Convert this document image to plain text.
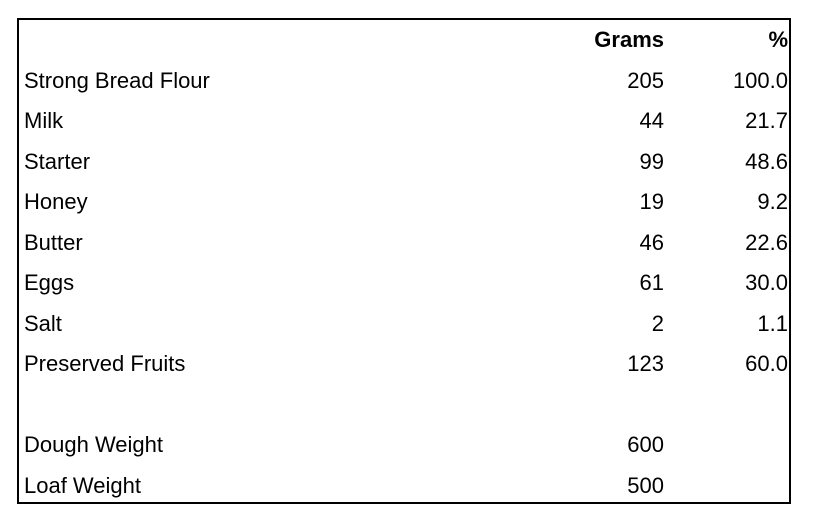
	Grams	%
Strong Bread Flour	205	100.0
Milk	44	21.7
Starter	99	48.6
Honey	19	9.2
Butter	46	22.6
Eggs	61	30.0
Salt	2	1.1
Preserved Fruits	123	60.0

Dough Weight	600	
Loaf Weight	500	
